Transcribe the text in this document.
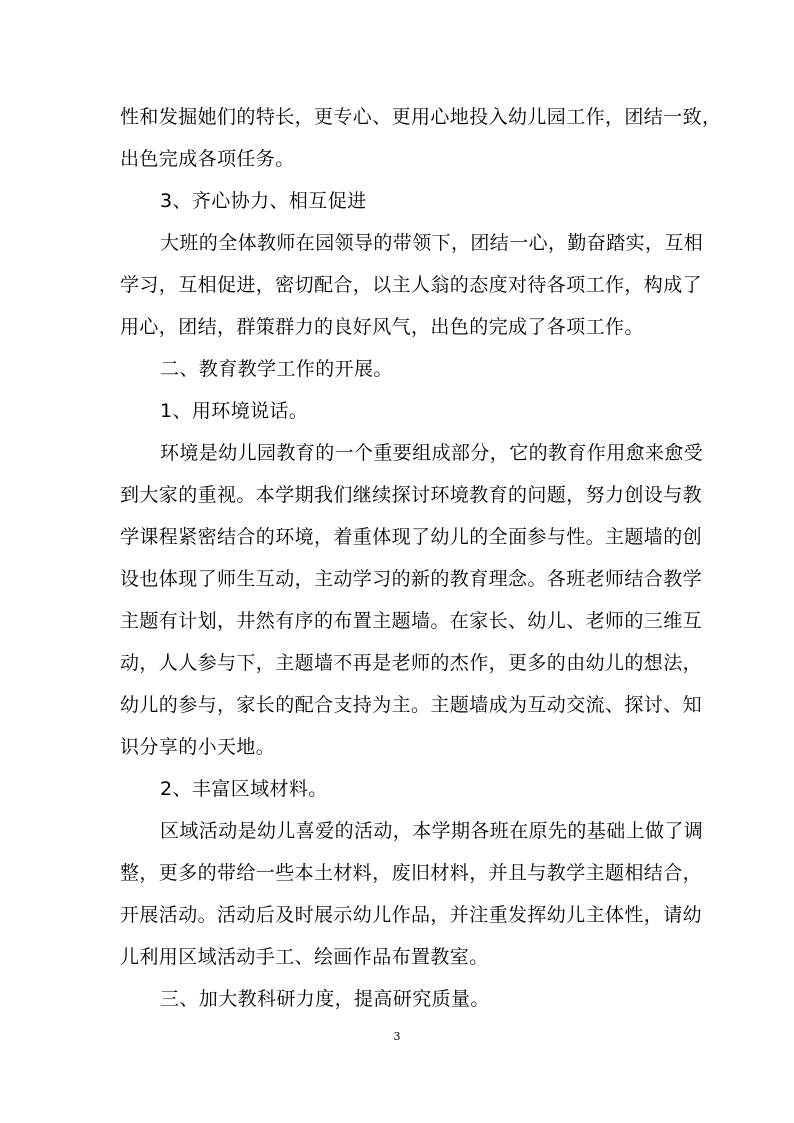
性和发掘她们的特长，更专心、更用心地投入幼儿园工作，团结一致，
出色完成各项任务。
3、齐心协力、相互促进
大班的全体教师在园领导的带领下，团结一心，勤奋踏实，互相
学习，互相促进，密切配合，以主人翁的态度对待各项工作，构成了
用心，团结，群策群力的良好风气，出色的完成了各项工作。
二、教育教学工作的开展。
1、用环境说话。
环境是幼儿园教育的一个重要组成部分，它的教育作用愈来愈受
到大家的重视。本学期我们继续探讨环境教育的问题，努力创设与教
学课程紧密结合的环境，着重体现了幼儿的全面参与性。主题墙的创
设也体现了师生互动，主动学习的新的教育理念。各班老师结合教学
主题有计划，井然有序的布置主题墙。在家长、幼儿、老师的三维互
动，人人参与下，主题墙不再是老师的杰作，更多的由幼儿的想法，
幼儿的参与，家长的配合支持为主。主题墙成为互动交流、探讨、知
识分享的小天地。
2、丰富区域材料。
区域活动是幼儿喜爱的活动，本学期各班在原先的基础上做了调
整，更多的带给一些本土材料，废旧材料，并且与教学主题相结合，
开展活动。活动后及时展示幼儿作品，并注重发挥幼儿主体性，请幼
儿利用区域活动手工、绘画作品布置教室。
三、加大教科研力度，提高研究质量。
3
